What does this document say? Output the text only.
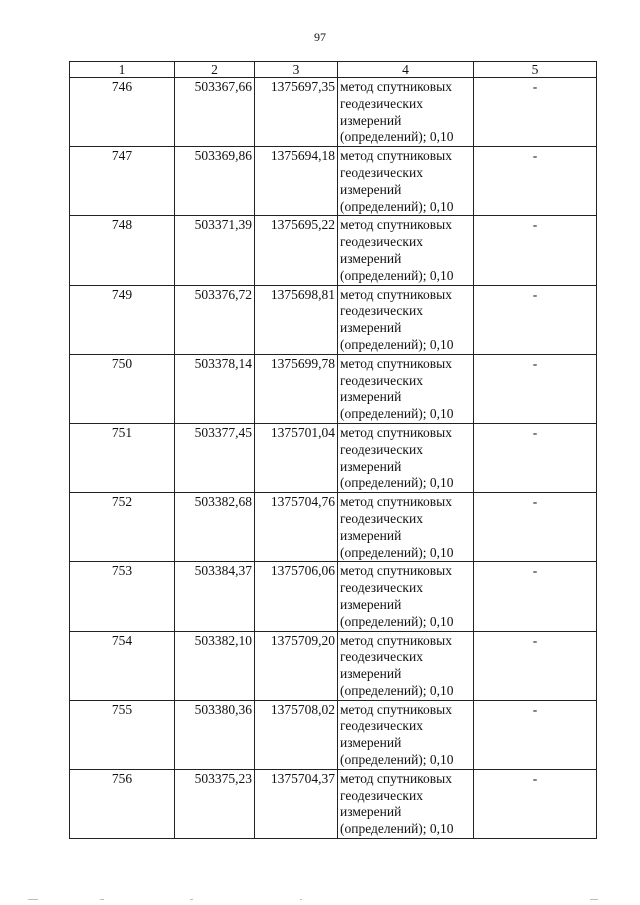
97
1	2	3	4	5
746	503367,66	1375697,35	метод спутниковых
геодезических
измерений
(определений); 0,10	-
747	503369,86	1375694,18	метод спутниковых
геодезических
измерений
(определений); 0,10	-
748	503371,39	1375695,22	метод спутниковых
геодезических
измерений
(определений); 0,10	-
749	503376,72	1375698,81	метод спутниковых
геодезических
измерений
(определений); 0,10	-
750	503378,14	1375699,78	метод спутниковых
геодезических
измерений
(определений); 0,10	-
751	503377,45	1375701,04	метод спутниковых
геодезических
измерений
(определений); 0,10	-
752	503382,68	1375704,76	метод спутниковых
геодезических
измерений
(определений); 0,10	-
753	503384,37	1375706,06	метод спутниковых
геодезических
измерений
(определений); 0,10	-
754	503382,10	1375709,20	метод спутниковых
геодезических
измерений
(определений); 0,10	-
755	503380,36	1375708,02	метод спутниковых
геодезических
измерений
(определений); 0,10	-
756	503375,23	1375704,37	метод спутниковых
геодезических
измерений
(определений); 0,10	-
